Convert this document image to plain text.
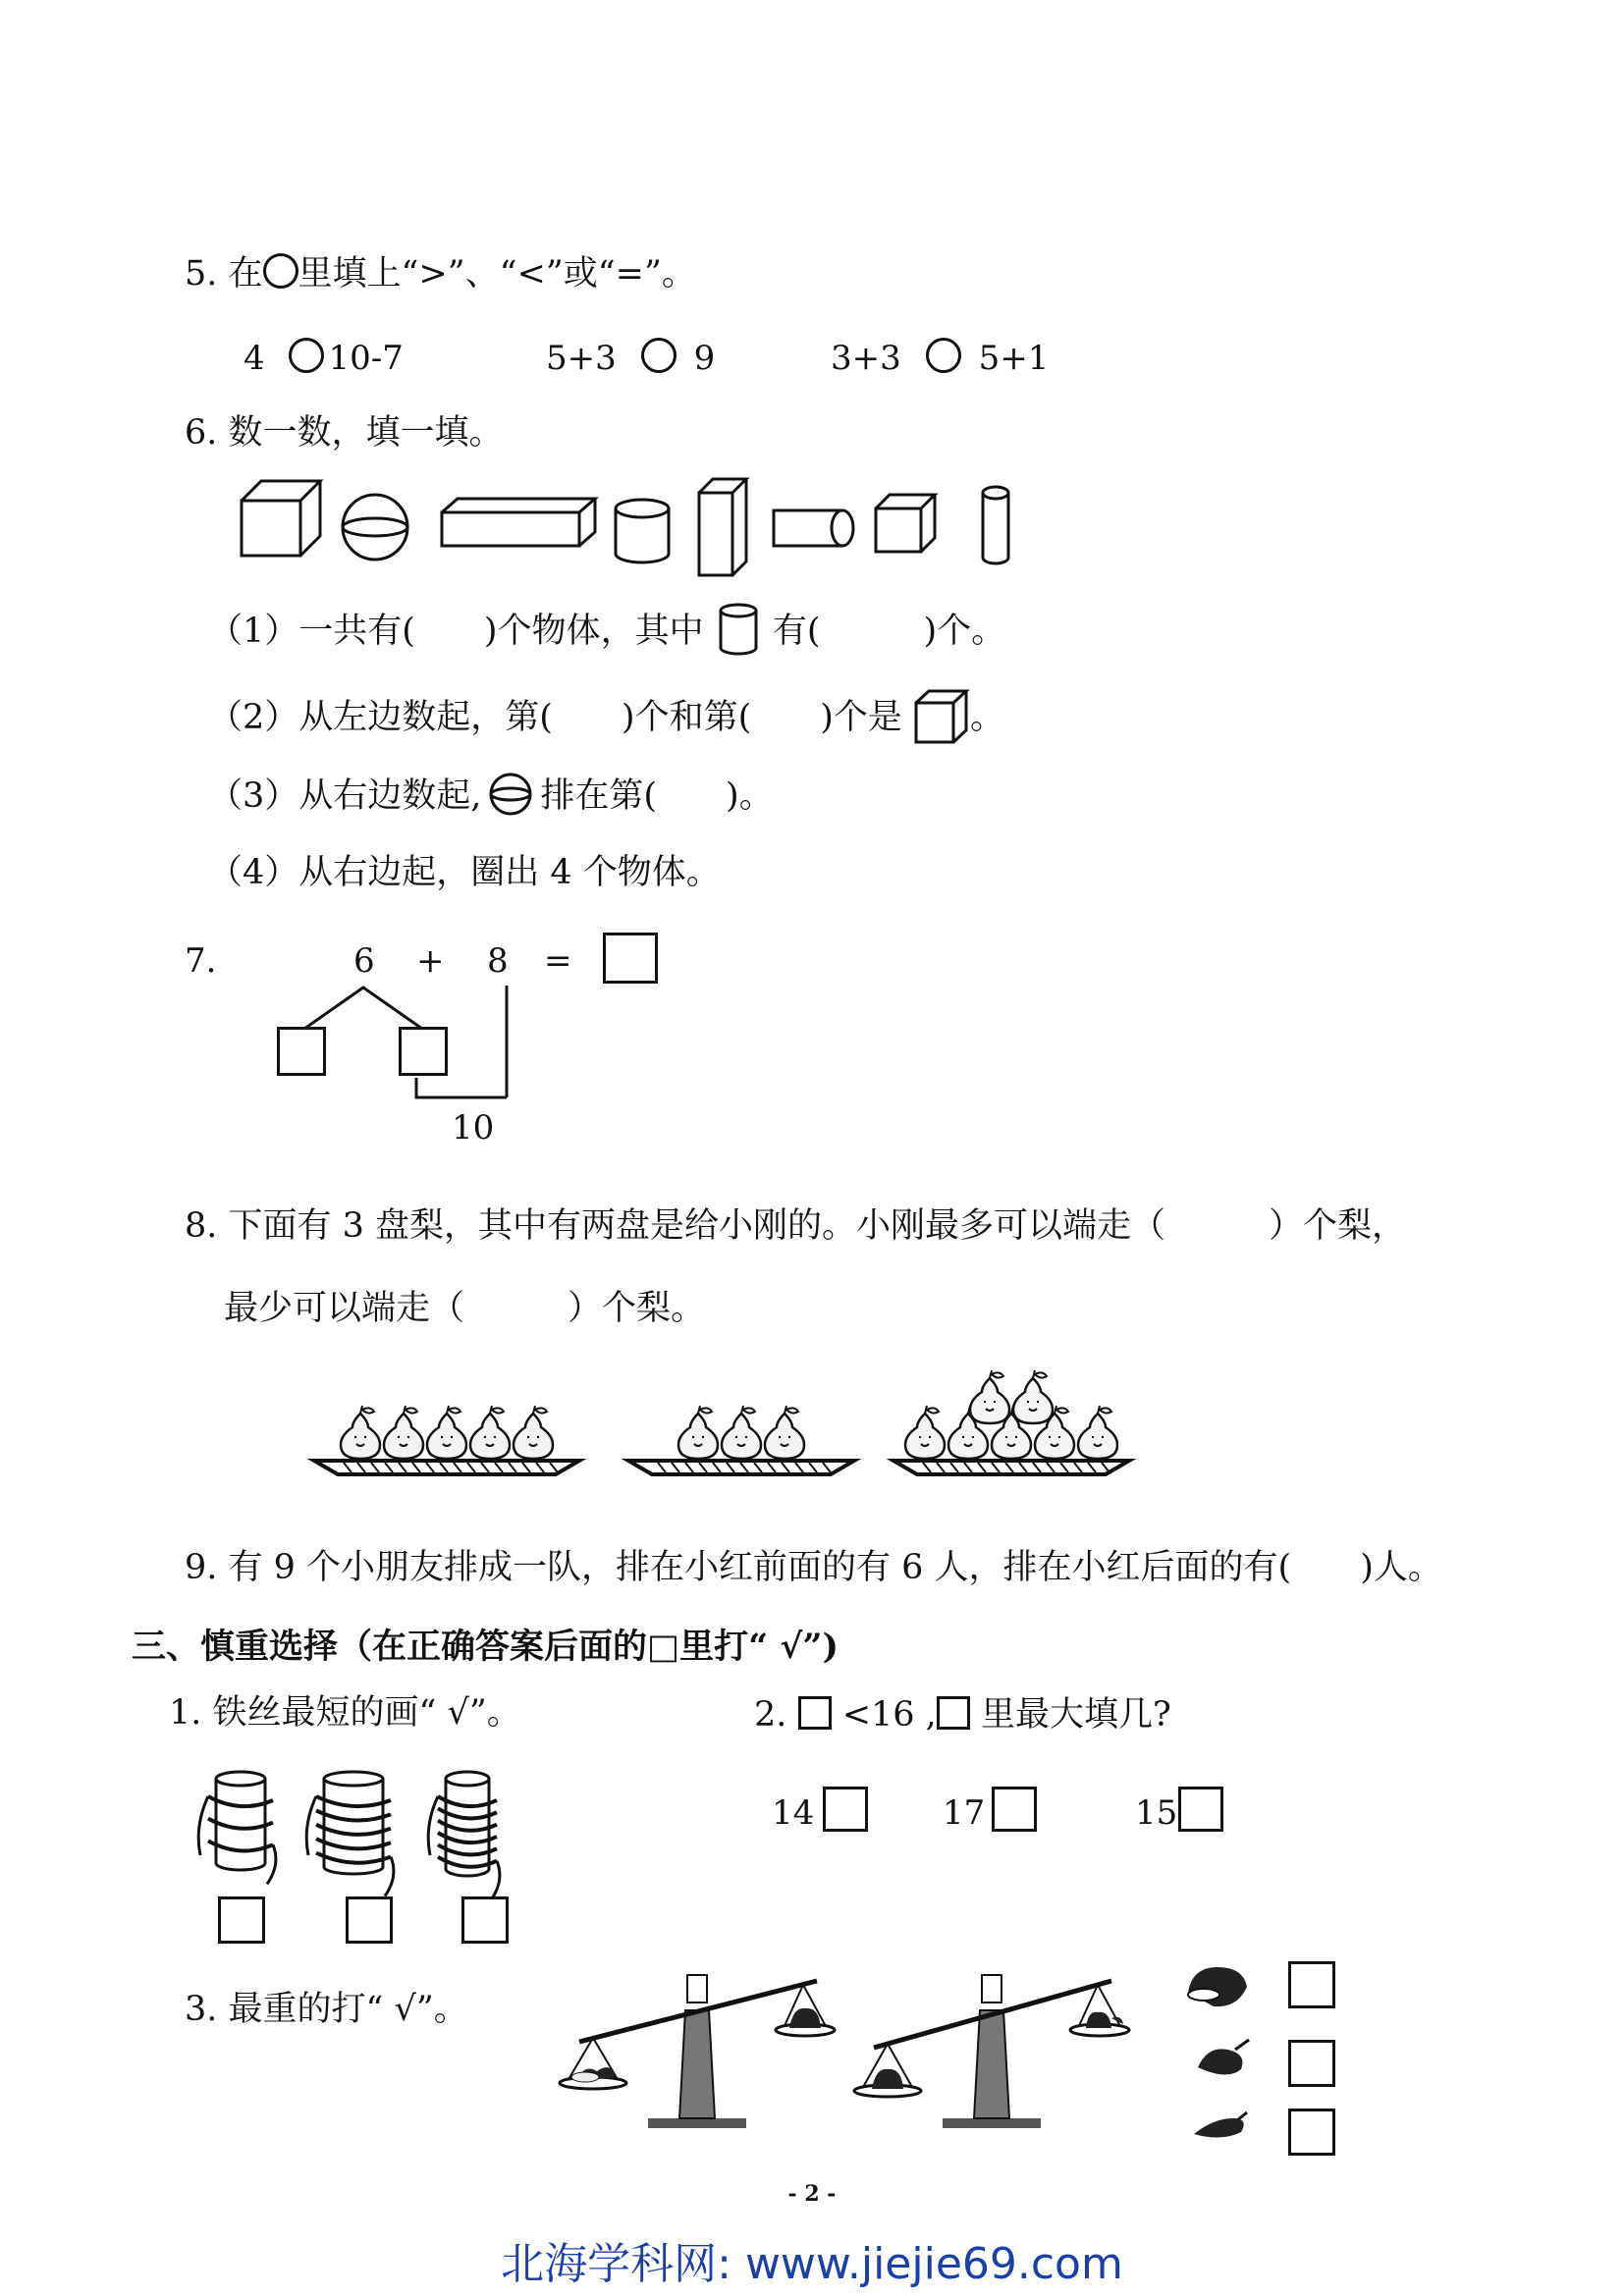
5. 在 里填上“>”、“<”或“=”。
4 10-7	5+3 9	3+3 5+1
6. 数一数，填一填。
（1）一共有(　　)个物体，其中 有(　　　)个。
（2）从左边数起，第(　　)个和第(　　)个是 。
（3）从右边数起, 排在第(　　)。
（4）从右边起，圈出 4 个物体。
7.	6 + 8 =
10
8. 下面有 3 盘梨，其中有两盘是给小刚的。小刚最多可以端走（　　　）个梨，
最少可以端走（　　　）个梨。
9. 有 9 个小朋友排成一队，排在小红前面的有 6 人，排在小红后面的有(　　)人。
三、慎重选择（在正确答案后面的□里打“ √”)
1. 铁丝最短的画“ √”。	2. <16 , 里最大填几?
14	17	15
3. 最重的打“ √”。
- 2 -
北海学科网: www.jiejie69.com
